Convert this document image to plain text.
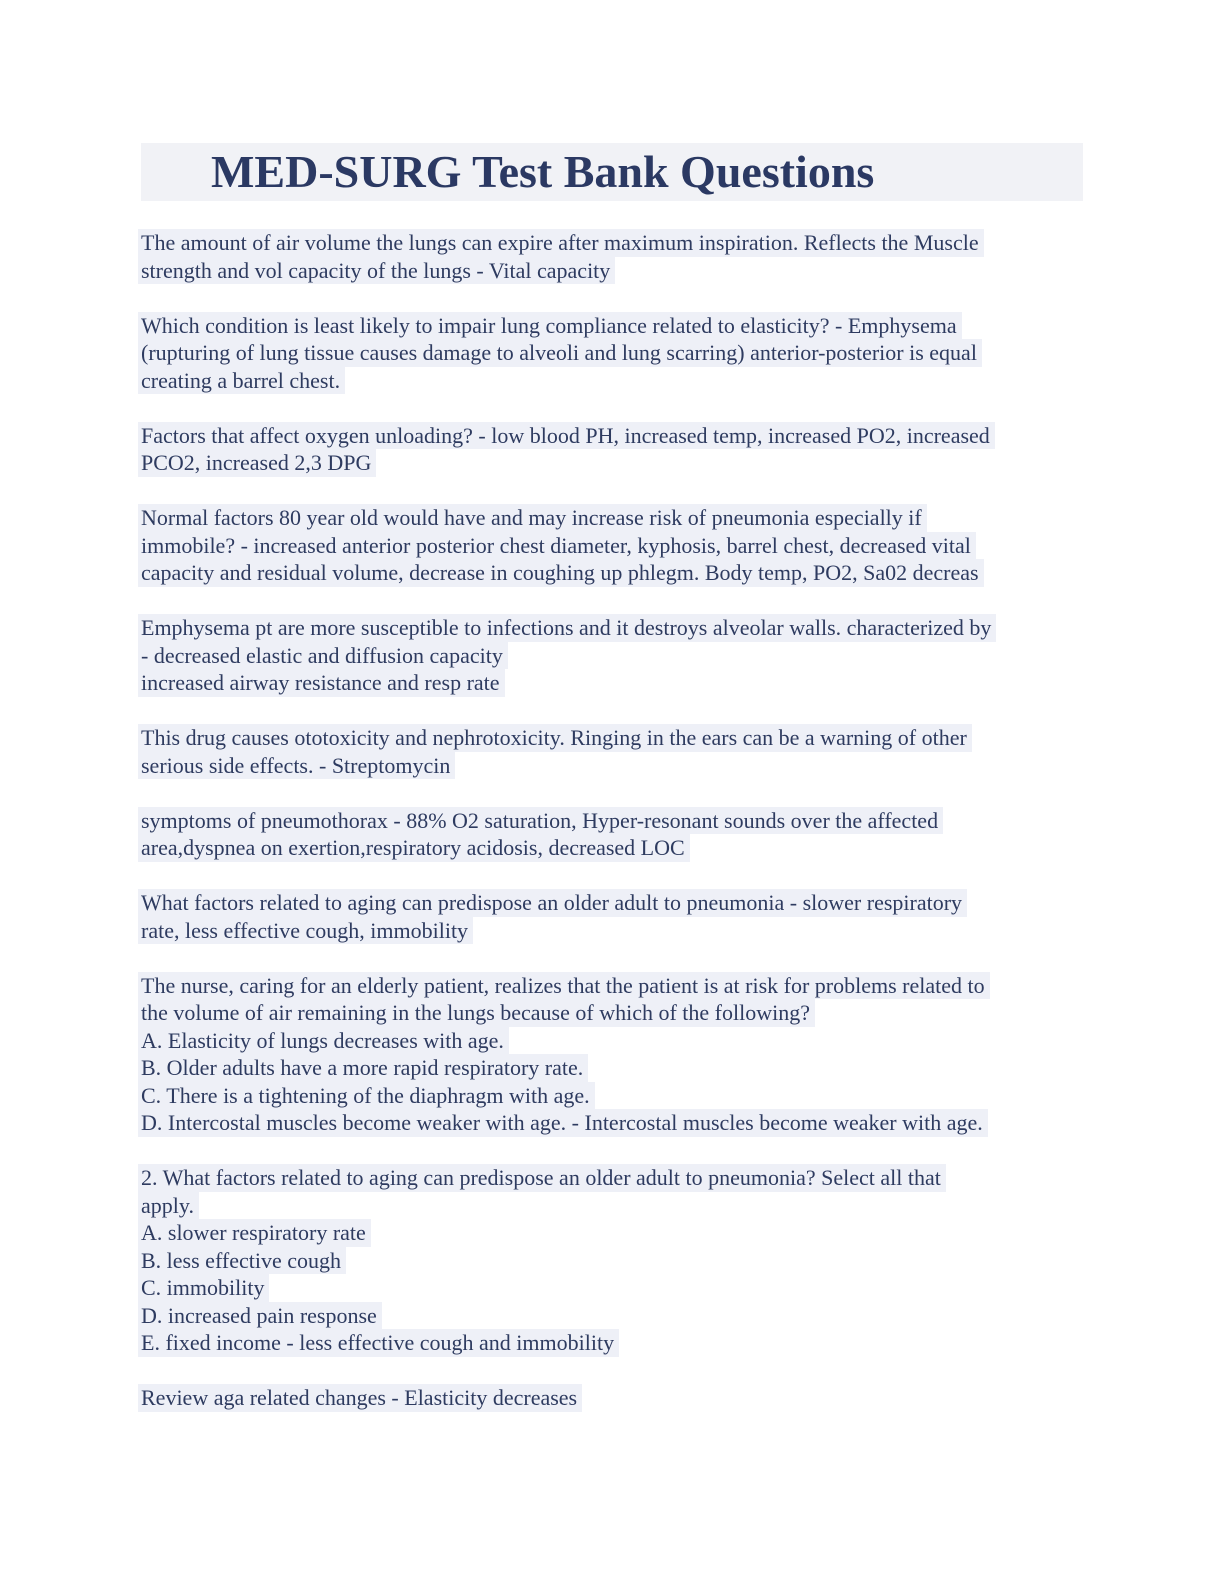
MED-SURG Test Bank Questions
The amount of air volume the lungs can expire after maximum inspiration. Reflects the Muscle
strength and vol capacity of the lungs - Vital capacity
Which condition is least likely to impair lung compliance related to elasticity? - Emphysema
(rupturing of lung tissue causes damage to alveoli and lung scarring) anterior-posterior is equal
creating a barrel chest.
Factors that affect oxygen unloading? - low blood PH, increased temp, increased PO2, increased
PCO2, increased 2,3 DPG
Normal factors 80 year old would have and may increase risk of pneumonia especially if
immobile? - increased anterior posterior chest diameter, kyphosis, barrel chest, decreased vital
capacity and residual volume, decrease in coughing up phlegm. Body temp, PO2, Sa02 decreas
Emphysema pt are more susceptible to infections and it destroys alveolar walls. characterized by
- decreased elastic and diffusion capacity
increased airway resistance and resp rate
This drug causes ototoxicity and nephrotoxicity. Ringing in the ears can be a warning of other
serious side effects. - Streptomycin
symptoms of pneumothorax - 88% O2 saturation, Hyper-resonant sounds over the affected
area,dyspnea on exertion,respiratory acidosis, decreased LOC
What factors related to aging can predispose an older adult to pneumonia - slower respiratory
rate, less effective cough, immobility
The nurse, caring for an elderly patient, realizes that the patient is at risk for problems related to
the volume of air remaining in the lungs because of which of the following?
A. Elasticity of lungs decreases with age.
B. Older adults have a more rapid respiratory rate.
C. There is a tightening of the diaphragm with age.
D. Intercostal muscles become weaker with age. - Intercostal muscles become weaker with age.
2. What factors related to aging can predispose an older adult to pneumonia? Select all that
apply.
A. slower respiratory rate
B. less effective cough
C. immobility
D. increased pain response
E. fixed income - less effective cough and immobility
Review aga related changes - Elasticity decreases
